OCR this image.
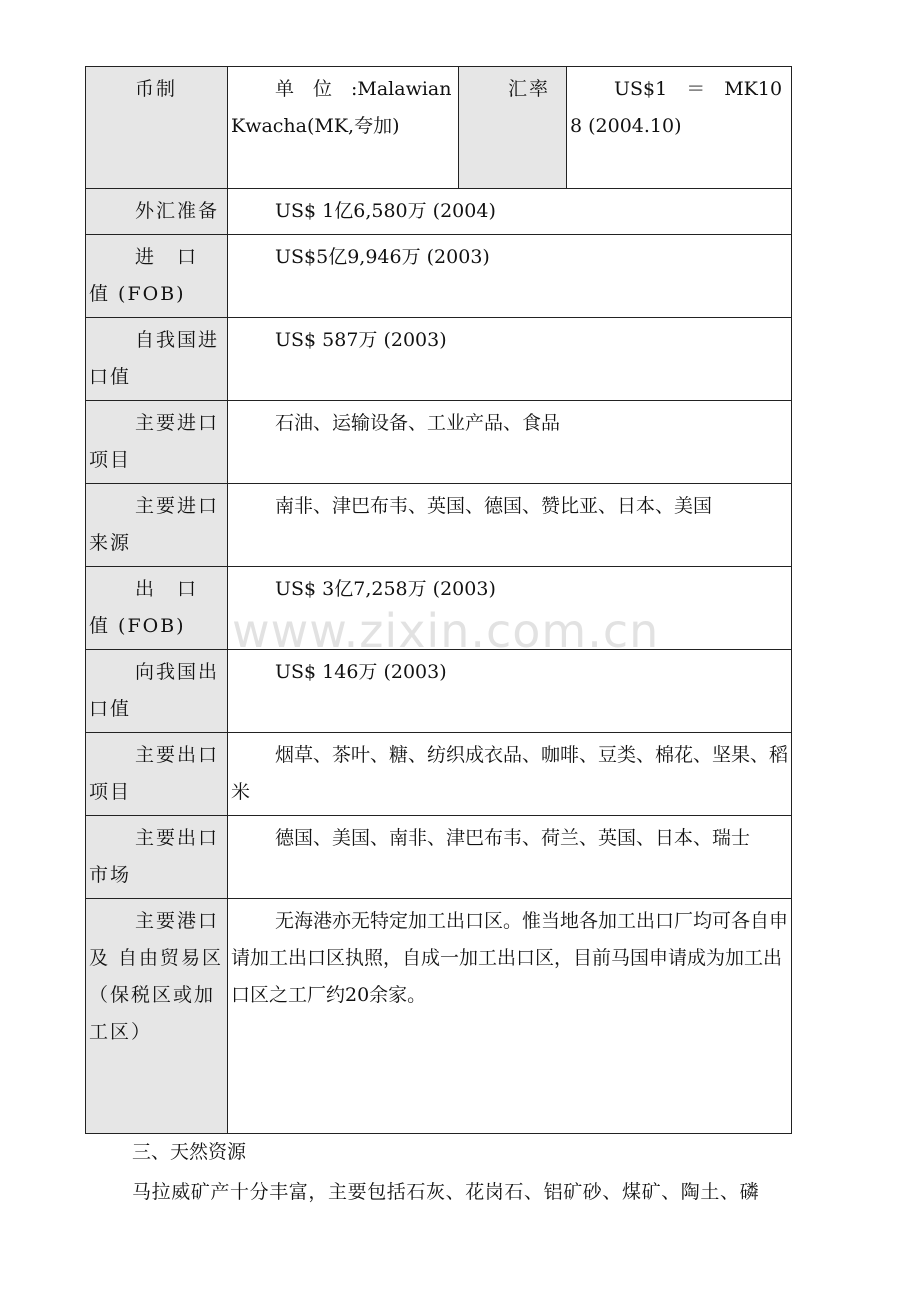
币制	单　位　:Malawian Kwacha(MK,夸加)	汇率	US$1　＝　MK108 (2004.10)
外汇准备	US$ 1亿6,580万 (2004)		
进　口　值 (FOB)	US$5亿9,946万 (2003)		
自我国进口值	US$ 587万 (2003)		
主要进口项目	石油、运输设备、工业产品、食品		
主要进口来源	南非、津巴布韦、英国、德国、赞比亚、日本、美国		
出　口　值 (FOB)	US$ 3亿7,258万 (2003)		
向我国出口值	US$ 146万 (2003)		
主要出口项目	烟草、茶叶、糖、纺织成衣品、咖啡、豆类、棉花、坚果、稻米		
主要出口市场	德国、美国、南非、津巴布韦、荷兰、英国、日本、瑞士		
主要港口及 自由贸易区 （保税区或加工区）	无海港亦无特定加工出口区。惟当地各加工出口厂均可各自申请加工出口区执照，自成一加工出口区，目前马国申请成为加工出口区之工厂约20余家。		
www.zixin.com.cn
三、天然资源
马拉威矿产十分丰富，主要包括石灰、花岗石、铝矿砂、煤矿、陶土、磷
